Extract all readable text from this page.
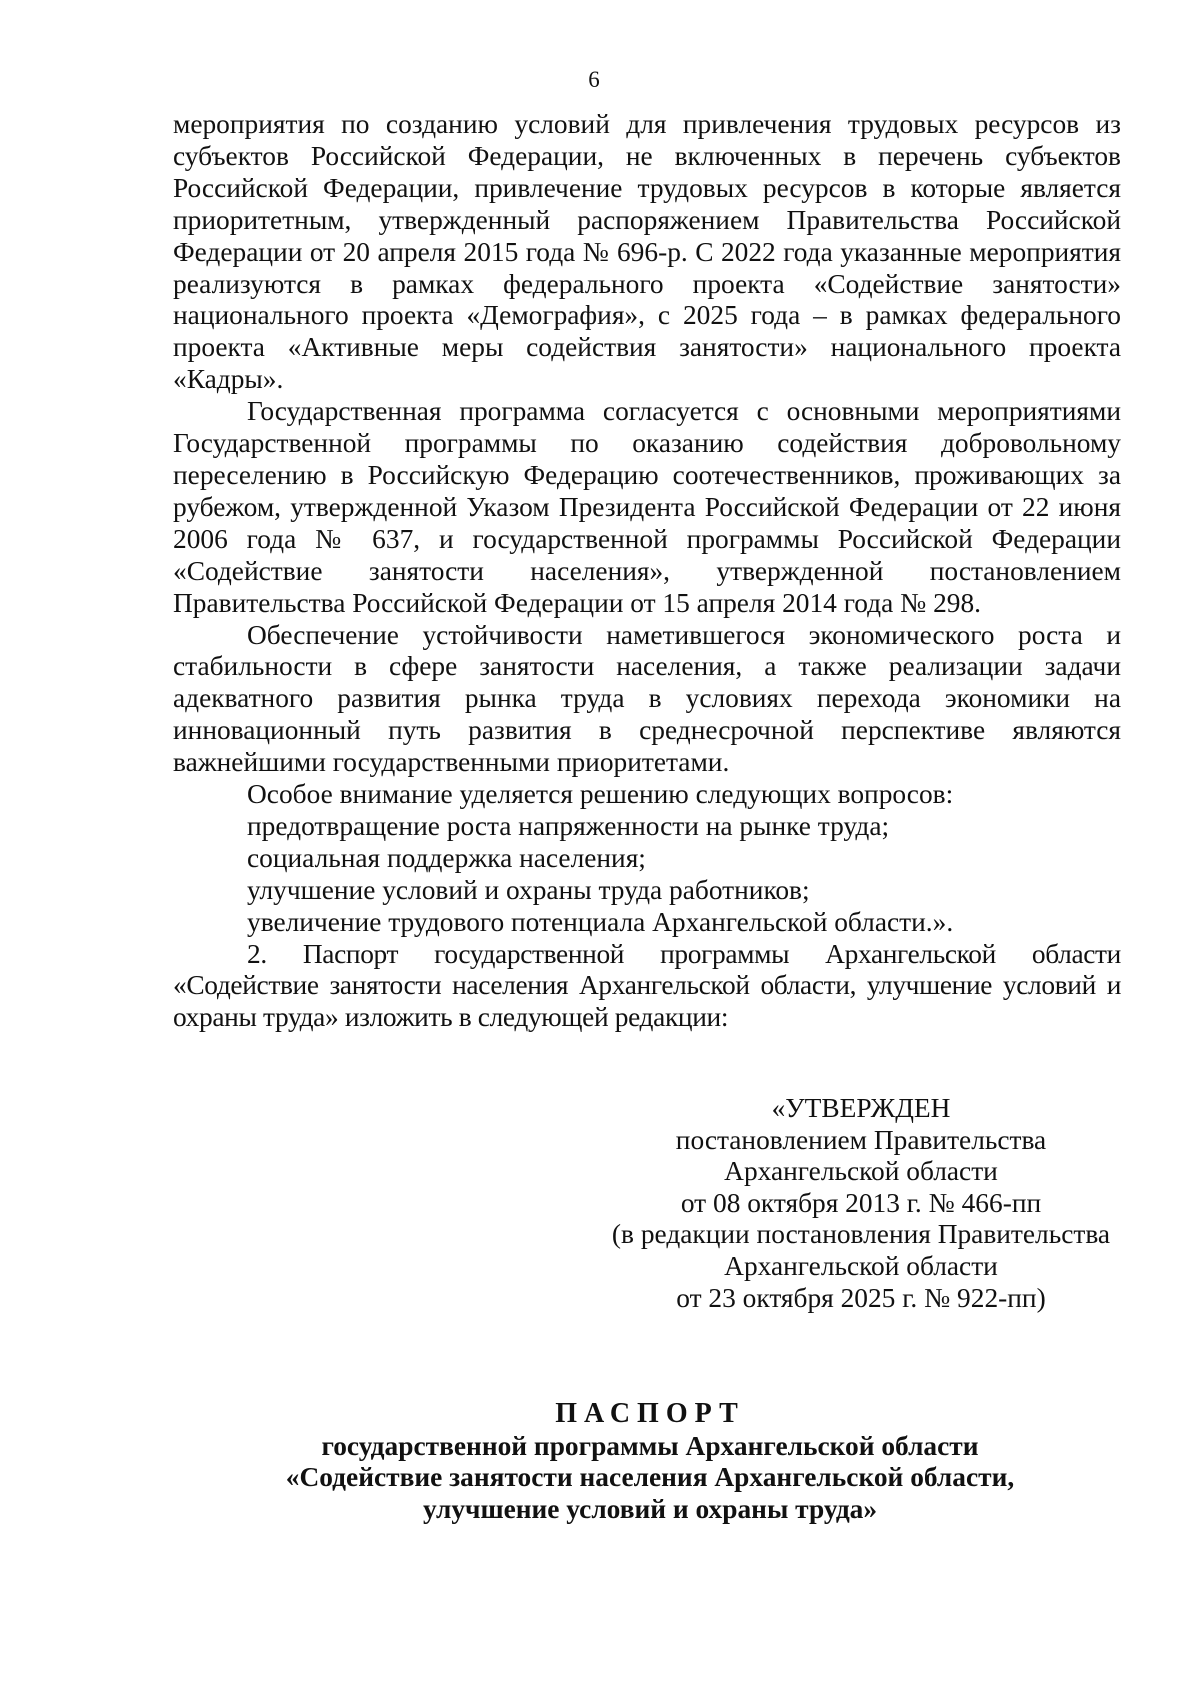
6

мероприятия по созданию условий для привлечения трудовых ресурсов из субъектов Российской Федерации, не включенных в перечень субъектов Российской Федерации, привлечение трудовых ресурсов в которые является приоритетным, утвержденный распоряжением Правительства Российской Федерации от 20 апреля 2015 года № 696-р. С 2022 года указанные мероприятия реализуются в рамках федерального проекта «Содействие занятости» национального проекта «Демография», с 2025 года – в рамках федерального проекта «Активные меры содействия занятости» национального проекта «Кадры».

Государственная программа согласуется с основными мероприятиями Государственной программы по оказанию содействия добровольному переселению в Российскую Федерацию соотечественников, проживающих за рубежом, утвержденной Указом Президента Российской Федерации от 22 июня 2006 года № 637, и государственной программы Российской Федерации «Содействие занятости населения», утвержденной постановлением Правительства Российской Федерации от 15 апреля 2014 года № 298.

Обеспечение устойчивости наметившегося экономического роста и стабильности в сфере занятости населения, а также реализации задачи адекватного развития рынка труда в условиях перехода экономики на инновационный путь развития в среднесрочной перспективе являются важнейшими государственными приоритетами.

Особое внимание уделяется решению следующих вопросов:

предотвращение роста напряженности на рынке труда;

социальная поддержка населения;

улучшение условий и охраны труда работников;

увеличение трудового потенциала Архангельской области.».

2. Паспорт государственной программы Архангельской области «Содействие занятости населения Архангельской области, улучшение условий и охраны труда» изложить в следующей редакции:

«УТВЕРЖДЕН
постановлением Правительства
Архангельской области
от 08 октября 2013 г. № 466-пп
(в редакции постановления Правительства
Архангельской области
от 23 октября 2025 г. № 922-пп)
ПАСПОРТ
государственной программы Архангельской области
«Содействие занятости населения Архангельской области,
улучшение условий и охраны труда»
